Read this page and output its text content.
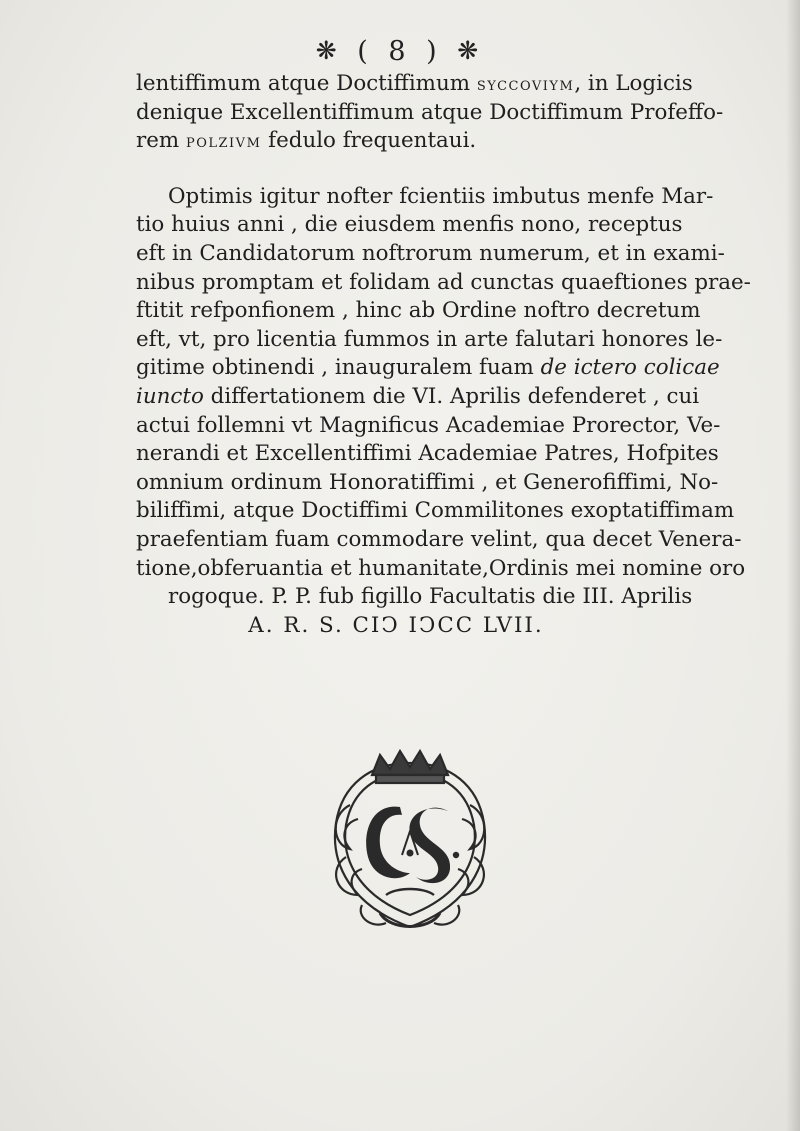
❋ ( 8 ) ❋
lentiffimum atque Doctiffimum syccoviym, in Logicis
denique Excellentiffimum atque Doctiffimum Profeffo-
rem polzivm fedulo frequentaui.
Optimis igitur nofter fcientiis imbutus menfe Mar-
tio huius anni , die eiusdem menfis nono, receptus
eft in Candidatorum noftrorum numerum, et in exami-
nibus promptam et folidam ad cunctas quaeftiones prae-
ftitit refponfionem , hinc ab Ordine noftro decretum
eft, vt, pro licentia fummos in arte falutari honores le-
gitime obtinendi , inauguralem fuam de ictero colicae
iuncto differtationem die VI. Aprilis defenderet , cui
actui follemni vt Magnificus Academiae Prorector, Ve-
nerandi et Excellentiffimi Academiae Patres, Hofpites
omnium ordinum Honoratiffimi , et Generofiffimi, No-
biliffimi, atque Doctiffimi Commilitones exoptatiffimam
praefentiam fuam commodare velint, qua decet Venera-
tione,obferuantia et humanitate,Ordinis mei nomine oro
rogoque. P. P. fub figillo Facultatis die III. Aprilis
A. R. S. CIↃ IↃCC LVII.
